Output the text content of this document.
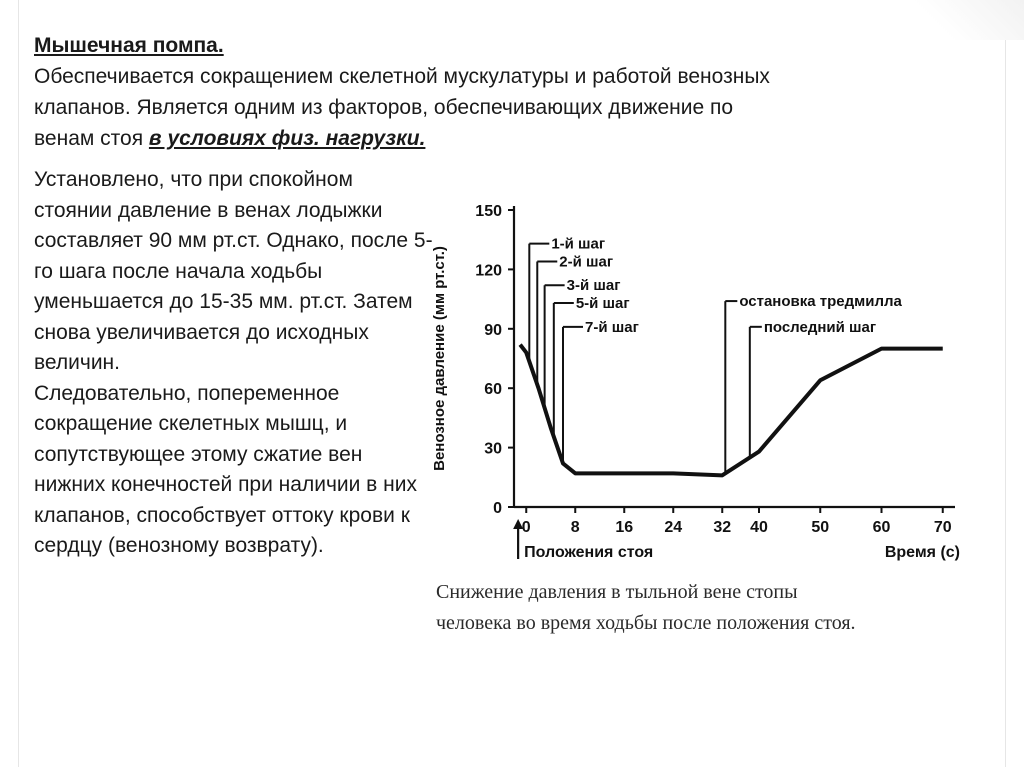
Мышечная помпа.
Обеспечивается сокращением скелетной мускулатуры и работой венозных
клапанов. Является одним из факторов, обеспечивающих движение по
венам стоя в условиях физ. нагрузки.

Установлено, что при спокойном стоянии давление в венах лодыжки составляет 90 мм рт.ст. Однако, после 5-го шага после начала ходьбы уменьшается до 15-35 мм. рт.ст. Затем снова увеличивается до исходных величин.

Следовательно, попеременное сокращение скелетных мышц, и сопутствующее этому сжатие вен нижних конечностей при наличии в них клапанов, способствует оттоку крови к сердцу (венозному возврату).

0
30
60
90
120
150
0	8 16 24 32 40	50	60	70
Венозное давление (мм рт.ст.)
Время (с)
Положения стоя
1-й шаг
2-й шаг
3-й шаг
5-й шаг
7-й шаг
остановка тредмилла
последний шаг
Снижение давления в тыльной вене стопы
человека во время ходьбы после положения стоя.
